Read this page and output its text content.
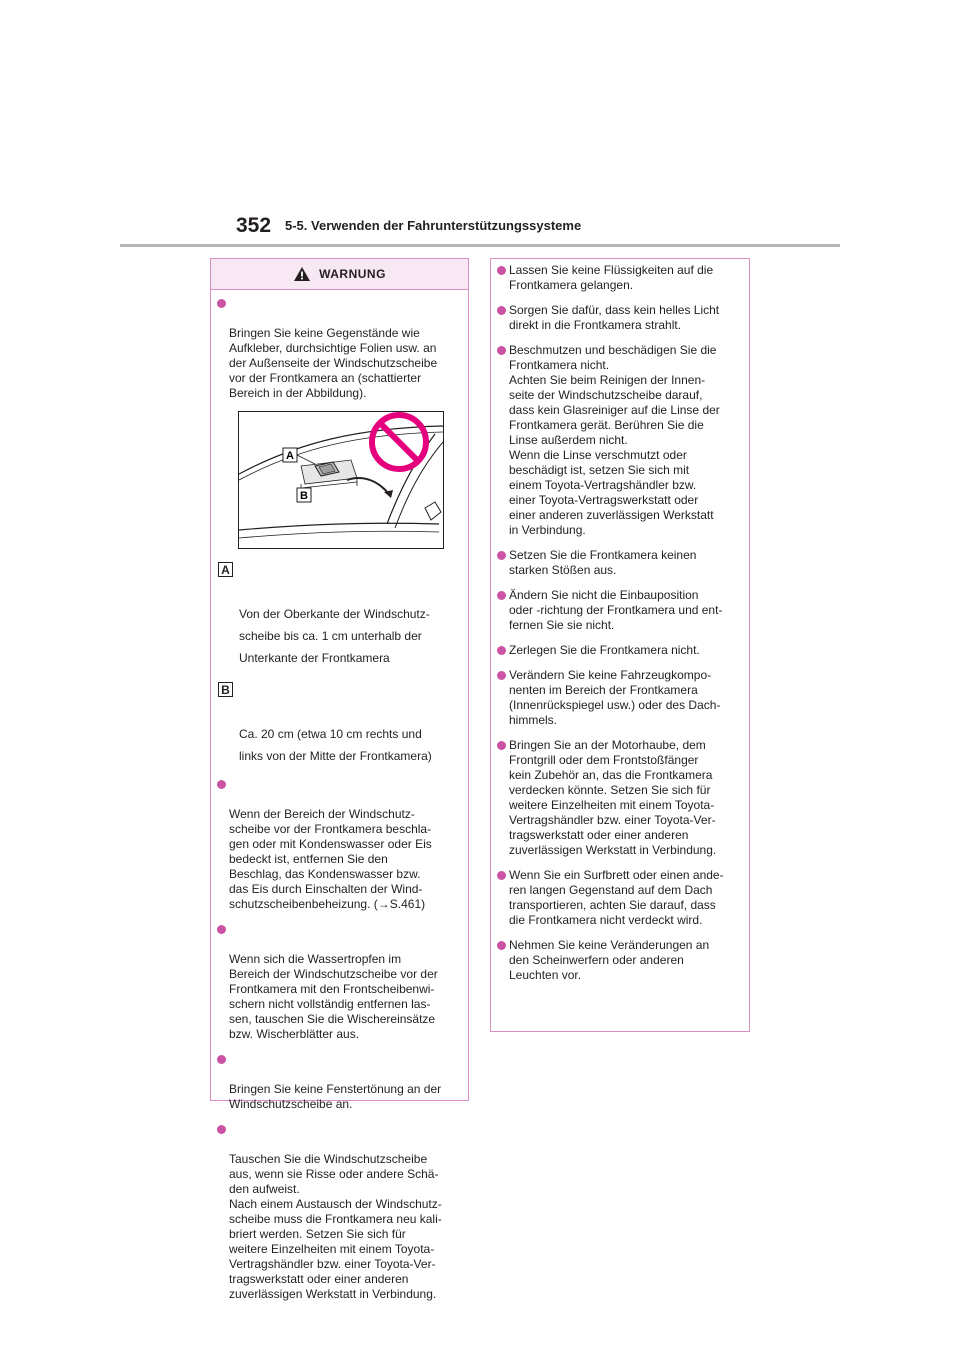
352 5-5. Verwenden der Fahrunterstützungssysteme
WARNUNG

Bringen Sie keine Gegenstände wie
Aufkleber, durchsichtige Folien usw. an
der Außenseite der Windschutzscheibe
vor der Frontkamera an (schattierter
Bereich in der Abbildung).

A
B

A

Von der Oberkante der Windschutz-
scheibe bis ca. 1 cm unterhalb der
Unterkante der Frontkamera

B

Ca. 20 cm (etwa 10 cm rechts und
links von der Mitte der Frontkamera)

Wenn der Bereich der Windschutz-
scheibe vor der Frontkamera beschla-
gen oder mit Kondenswasser oder Eis
bedeckt ist, entfernen Sie den
Beschlag, das Kondenswasser bzw.
das Eis durch Einschalten der Wind-
schutzscheibenbeheizung. (→S.461)

Wenn sich die Wassertropfen im
Bereich der Windschutzscheibe vor der
Frontkamera mit den Frontscheibenwi-
schern nicht vollständig entfernen las-
sen, tauschen Sie die Wischereinsätze
bzw. Wischerblätter aus.

Bringen Sie keine Fenstertönung an der
Windschutzscheibe an.

Tauschen Sie die Windschutzscheibe
aus, wenn sie Risse oder andere Schä-
den aufweist.
Nach einem Austausch der Windschutz-
scheibe muss die Frontkamera neu kali-
briert werden. Setzen Sie sich für
weitere Einzelheiten mit einem Toyota-
Vertragshändler bzw. einer Toyota-Ver-
tragswerkstatt oder einer anderen
zuverlässigen Werkstatt in Verbindung.

Lassen Sie keine Flüssigkeiten auf die
Frontkamera gelangen.
Sorgen Sie dafür, dass kein helles Licht
direkt in die Frontkamera strahlt.
Beschmutzen und beschädigen Sie die
Frontkamera nicht.
Achten Sie beim Reinigen der Innen-
seite der Windschutzscheibe darauf,
dass kein Glasreiniger auf die Linse der
Frontkamera gerät. Berühren Sie die
Linse außerdem nicht.
Wenn die Linse verschmutzt oder
beschädigt ist, setzen Sie sich mit
einem Toyota-Vertragshändler bzw.
einer Toyota-Vertragswerkstatt oder
einer anderen zuverlässigen Werkstatt
in Verbindung.
Setzen Sie die Frontkamera keinen
starken Stößen aus.
Ändern Sie nicht die Einbauposition
oder -richtung der Frontkamera und ent-
fernen Sie sie nicht.
Zerlegen Sie die Frontkamera nicht.
Verändern Sie keine Fahrzeugkompo-
nenten im Bereich der Frontkamera
(Innenrückspiegel usw.) oder des Dach-
himmels.
Bringen Sie an der Motorhaube, dem
Frontgrill oder dem Frontstoßfänger
kein Zubehör an, das die Frontkamera
verdecken könnte. Setzen Sie sich für
weitere Einzelheiten mit einem Toyota-
Vertragshändler bzw. einer Toyota-Ver-
tragswerkstatt oder einer anderen
zuverlässigen Werkstatt in Verbindung.
Wenn Sie ein Surfbrett oder einen ande-
ren langen Gegenstand auf dem Dach
transportieren, achten Sie darauf, dass
die Frontkamera nicht verdeckt wird.
Nehmen Sie keine Veränderungen an
den Scheinwerfern oder anderen
Leuchten vor.
